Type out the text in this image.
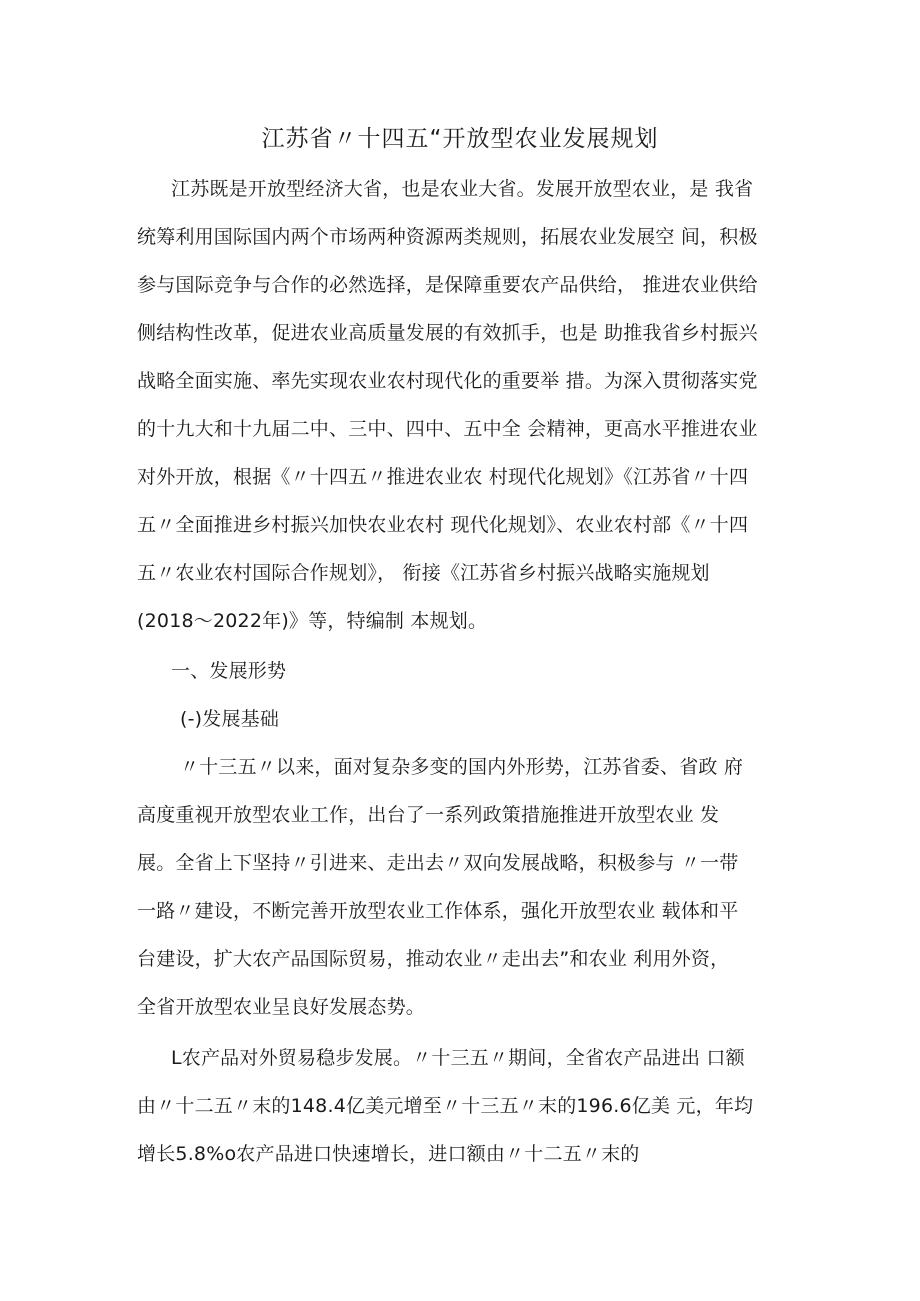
江苏省〃十四五“开放型农业发展规划
江苏既是开放型经济大省，也是农业大省。发展开放型农业，是 我省
统筹利用国际国内两个市场两种资源两类规则，拓展农业发展空 间，积极
参与国际竞争与合作的必然选择，是保障重要农产品供给， 推进农业供给
侧结构性改革，促进农业高质量发展的有效抓手，也是 助推我省乡村振兴
战略全面实施、率先实现农业农村现代化的重要举 措。为深入贯彻落实党
的十九大和十九届二中、三中、四中、五中全 会精神，更高水平推进农业
对外开放，根据《〃十四五〃推进农业农 村现代化规划》《江苏省〃十四
五〃全面推进乡村振兴加快农业农村 现代化规划》、农业农村部《〃十四
五〃农业农村国际合作规划》， 衔接《江苏省乡村振兴战略实施规划
(2018～2022年)》等，特编制 本规划。
一、发展形势
(-)发展基础
〃十三五〃以来，面对复杂多变的国内外形势，江苏省委、省政 府
高度重视开放型农业工作，出台了一系列政策措施推进开放型农业 发
展。全省上下坚持〃引进来、走出去〃双向发展战略，积极参与 〃一带
一路〃建设，不断完善开放型农业工作体系，强化开放型农业 载体和平
台建设，扩大农产品国际贸易，推动农业〃走出去”和农业 利用外资，
全省开放型农业呈良好发展态势。
L农产品对外贸易稳步发展。〃十三五〃期间，全省农产品进出 口额
由〃十二五〃末的148.4亿美元增至〃十三五〃末的196.6亿美 元，年均
增长5.8%o农产品进口快速增长，进口额由〃十二五〃末的
